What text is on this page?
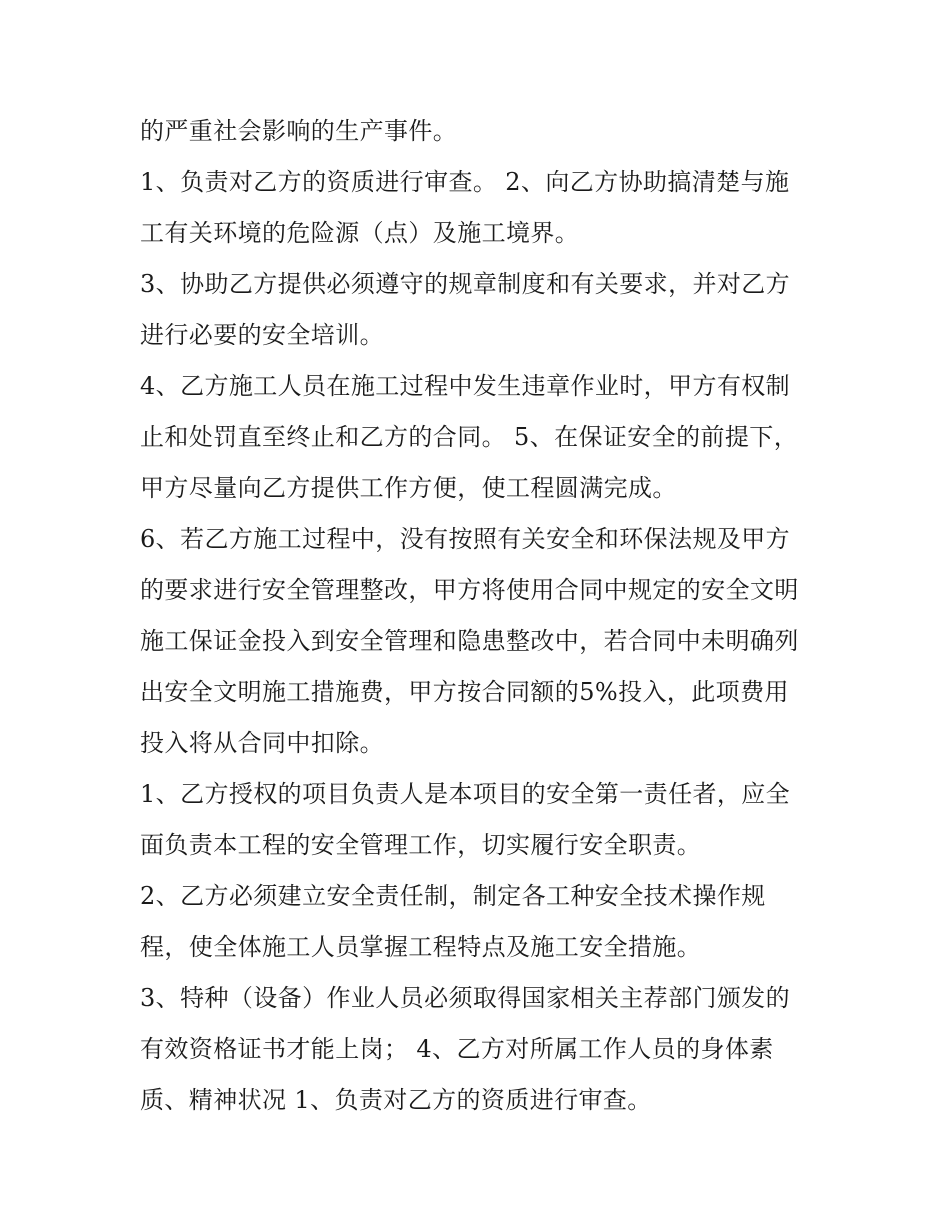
的严重社会影响的生产事件。
1、负责对乙方的资质进行审查。 2、向乙方协助搞清楚与施
工有关环境的危险源（点）及施工境界。
3、协助乙方提供必须遵守的规章制度和有关要求，并对乙方
进行必要的安全培训。
4、乙方施工人员在施工过程中发生违章作业时，甲方有权制
止和处罚直至终止和乙方的合同。 5、在保证安全的前提下，
甲方尽量向乙方提供工作方便，使工程圆满完成。
6、若乙方施工过程中，没有按照有关安全和环保法规及甲方
的要求进行安全管理整改，甲方将使用合同中规定的安全文明
施工保证金投入到安全管理和隐患整改中，若合同中未明确列
出安全文明施工措施费，甲方按合同额的5%投入，此项费用
投入将从合同中扣除。
1、乙方授权的项目负责人是本项目的安全第一责任者，应全
面负责本工程的安全管理工作，切实履行安全职责。
2、乙方必须建立安全责任制，制定各工种安全技术操作规
程，使全体施工人员掌握工程特点及施工安全措施。
3、特种（设备）作业人员必须取得国家相关主荐部门颁发的
有效资格证书才能上岗； 4、乙方对所属工作人员的身体素
质、精神状况 1、负责对乙方的资质进行审查。
